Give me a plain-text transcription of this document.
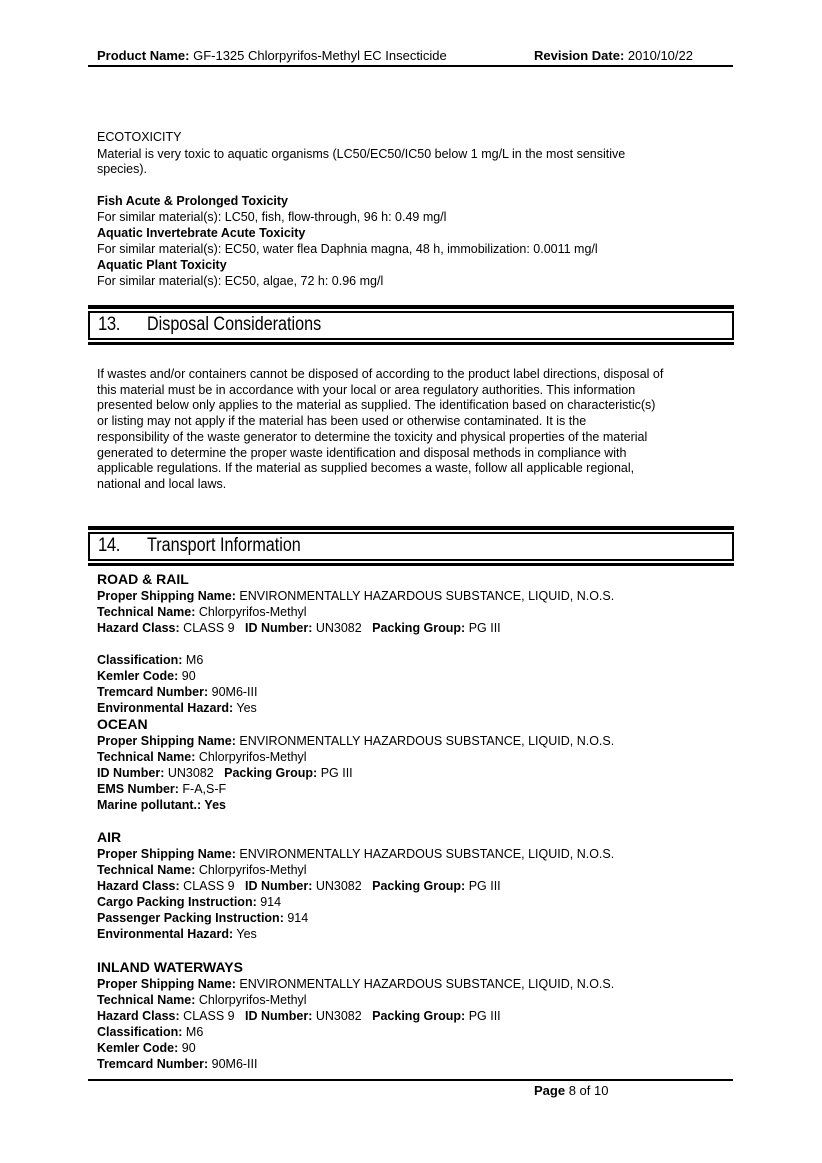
Product Name: GF-1325 Chlorpyrifos-Methyl EC Insecticide	Revision Date: 2010/10/22
ECOTOXICITY
Material is very toxic to aquatic organisms (LC50/EC50/IC50 below 1 mg/L in the most sensitive
species).
Fish Acute & Prolonged Toxicity
For similar material(s): LC50, fish, flow-through, 96 h: 0.49 mg/l
Aquatic Invertebrate Acute Toxicity
For similar material(s): EC50, water flea Daphnia magna, 48 h, immobilization: 0.0011 mg/l
Aquatic Plant Toxicity
For similar material(s): EC50, algae, 72 h: 0.96 mg/l
13. Disposal Considerations
If wastes and/or containers cannot be disposed of according to the product label directions, disposal of
this material must be in accordance with your local or area regulatory authorities. This information
presented below only applies to the material as supplied. The identification based on characteristic(s)
or listing may not apply if the material has been used or otherwise contaminated. It is the
responsibility of the waste generator to determine the toxicity and physical properties of the material
generated to determine the proper waste identification and disposal methods in compliance with
applicable regulations. If the material as supplied becomes a waste, follow all applicable regional,
national and local laws.
14. Transport Information
ROAD & RAIL
Proper Shipping Name: ENVIRONMENTALLY HAZARDOUS SUBSTANCE, LIQUID, N.O.S.
Technical Name: Chlorpyrifos-Methyl
Hazard Class: CLASS 9   ID Number: UN3082   Packing Group: PG III
Classification: M6
Kemler Code: 90
Tremcard Number: 90M6-III
Environmental Hazard: Yes
OCEAN
Proper Shipping Name: ENVIRONMENTALLY HAZARDOUS SUBSTANCE, LIQUID, N.O.S.
Technical Name: Chlorpyrifos-Methyl
ID Number: UN3082   Packing Group: PG III
EMS Number: F-A,S-F
Marine pollutant.: Yes
AIR
Proper Shipping Name: ENVIRONMENTALLY HAZARDOUS SUBSTANCE, LIQUID, N.O.S.
Technical Name: Chlorpyrifos-Methyl
Hazard Class: CLASS 9   ID Number: UN3082   Packing Group: PG III
Cargo Packing Instruction: 914
Passenger Packing Instruction: 914
Environmental Hazard: Yes
INLAND WATERWAYS
Proper Shipping Name: ENVIRONMENTALLY HAZARDOUS SUBSTANCE, LIQUID, N.O.S.
Technical Name: Chlorpyrifos-Methyl
Hazard Class: CLASS 9   ID Number: UN3082   Packing Group: PG III
Classification: M6
Kemler Code: 90
Tremcard Number: 90M6-III
Page 8 of 10
